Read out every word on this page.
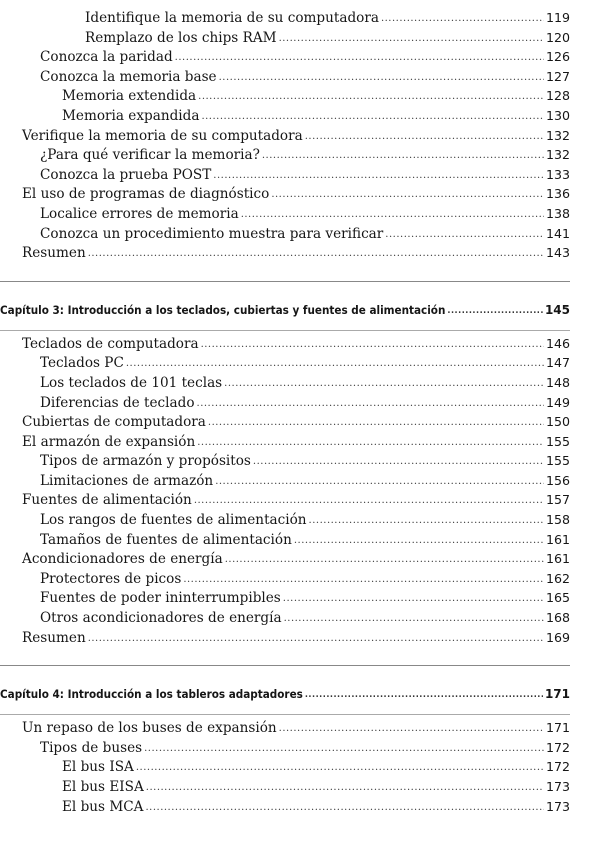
Identifique la memoria de su computadora .....	119
Remplazo de los chips RAM .....	120
Conozca la paridad .....	126
Conozca la memoria base .....	127
Memoria extendida .....	128
Memoria expandida .....	130
Verifique la memoria de su computadora .....	132
¿Para qué verificar la memoria? .....	132
Conozca la prueba POST .....	133
El uso de programas de diagnóstico .....	136
Localice errores de memoria .....	138
Conozca un procedimiento muestra para verificar .....	141
Resumen .....	143
Capítulo 3: Introducción a los teclados, cubiertas y fuentes de alimentación .....	145
Teclados de computadora .....	146
Teclados PC .....	147
Los teclados de 101 teclas .....	148
Diferencias de teclado .....	149
Cubiertas de computadora .....	150
El armazón de expansión .....	155
Tipos de armazón y propósitos .....	155
Limitaciones de armazón .....	156
Fuentes de alimentación .....	157
Los rangos de fuentes de alimentación .....	158
Tamaños de fuentes de alimentación .....	161
Acondicionadores de energía .....	161
Protectores de picos .....	162
Fuentes de poder ininterrumpibles .....	165
Otros acondicionadores de energía .....	168
Resumen .....	169
Capítulo 4: Introducción a los tableros adaptadores .....	171
Un repaso de los buses de expansión .....	171
Tipos de buses .....	172
El bus ISA .....	172
El bus EISA .....	173
El bus MCA .....	173
